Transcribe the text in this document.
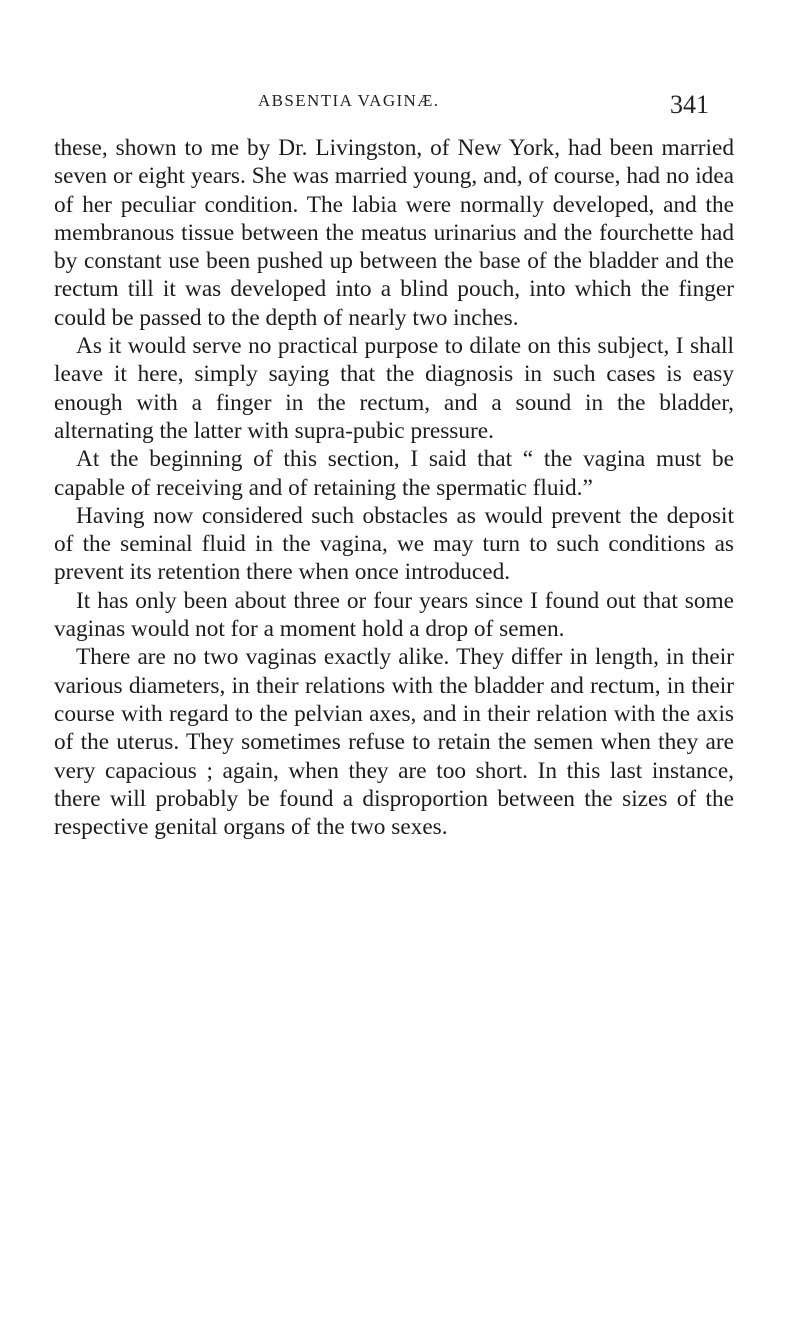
ABSENTIA VAGINÆ.	341

these, shown to me by Dr. Livingston, of New York, had been married seven or eight years. She was married young, and, of course, had no idea of her peculiar condition. The labia were normally developed, and the membranous tissue between the meatus urinarius and the fourchette had by constant use been pushed up between the base of the bladder and the rectum till it was developed into a blind pouch, into which the finger could be passed to the depth of nearly two inches.

As it would serve no practical purpose to dilate on this subject, I shall leave it here, simply saying that the diagnosis in such cases is easy enough with a finger in the rectum, and a sound in the bladder, alternating the latter with supra-pubic pressure.

At the beginning of this section, I said that “ the vagina must be capable of receiving and of retaining the spermatic fluid.”

Having now considered such obstacles as would prevent the deposit of the seminal fluid in the vagina, we may turn to such conditions as prevent its retention there when once introduced.

It has only been about three or four years since I found out that some vaginas would not for a moment hold a drop of semen.

There are no two vaginas exactly alike. They differ in length, in their various diameters, in their relations with the bladder and rectum, in their course with regard to the pelvian axes, and in their relation with the axis of the uterus. They sometimes refuse to retain the semen when they are very capacious ; again, when they are too short. In this last instance, there will probably be found a disproportion between the sizes of the respective genital organs of the two sexes.
